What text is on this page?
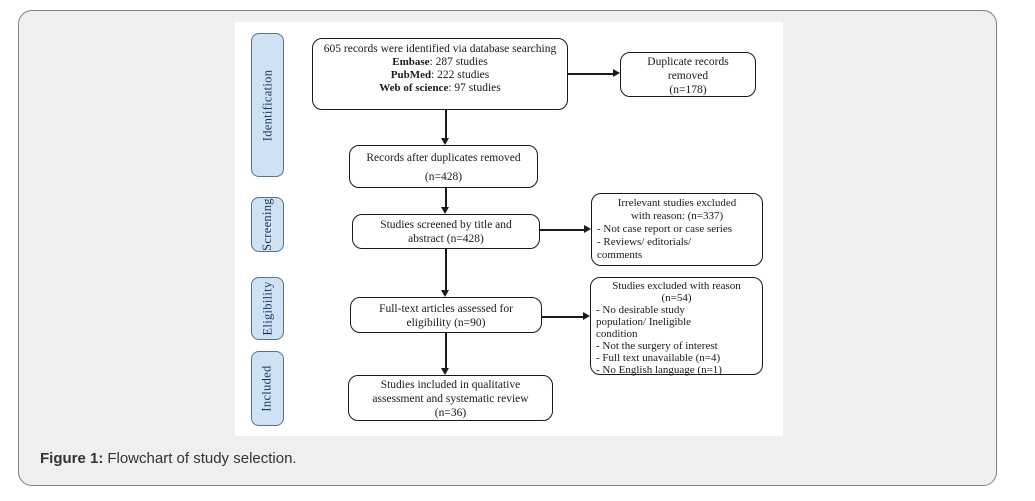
Identification
Screening
Eligibility
Included
605 records were identified via database searching
Embase: 287 studies
PubMed: 222 studies
Web of science: 97 studies
Duplicate records
removed
(n=178)
Records after duplicates removed
(n=428)
Studies screened by title and
abstract (n=428)
Irrelevant studies excluded
with reason: (n=337)
- Not case report or case series
- Reviews/ editorials/
comments
Full-text articles assessed for
eligibility (n=90)
Studies excluded with reason
(n=54)
- No desirable study
population/ Ineligible
condition
- Not the surgery of interest
- Full text unavailable (n=4)
- No English language (n=1)
Studies included in qualitative
assessment and systematic review
(n=36)
Figure 1: Flowchart of study selection.
